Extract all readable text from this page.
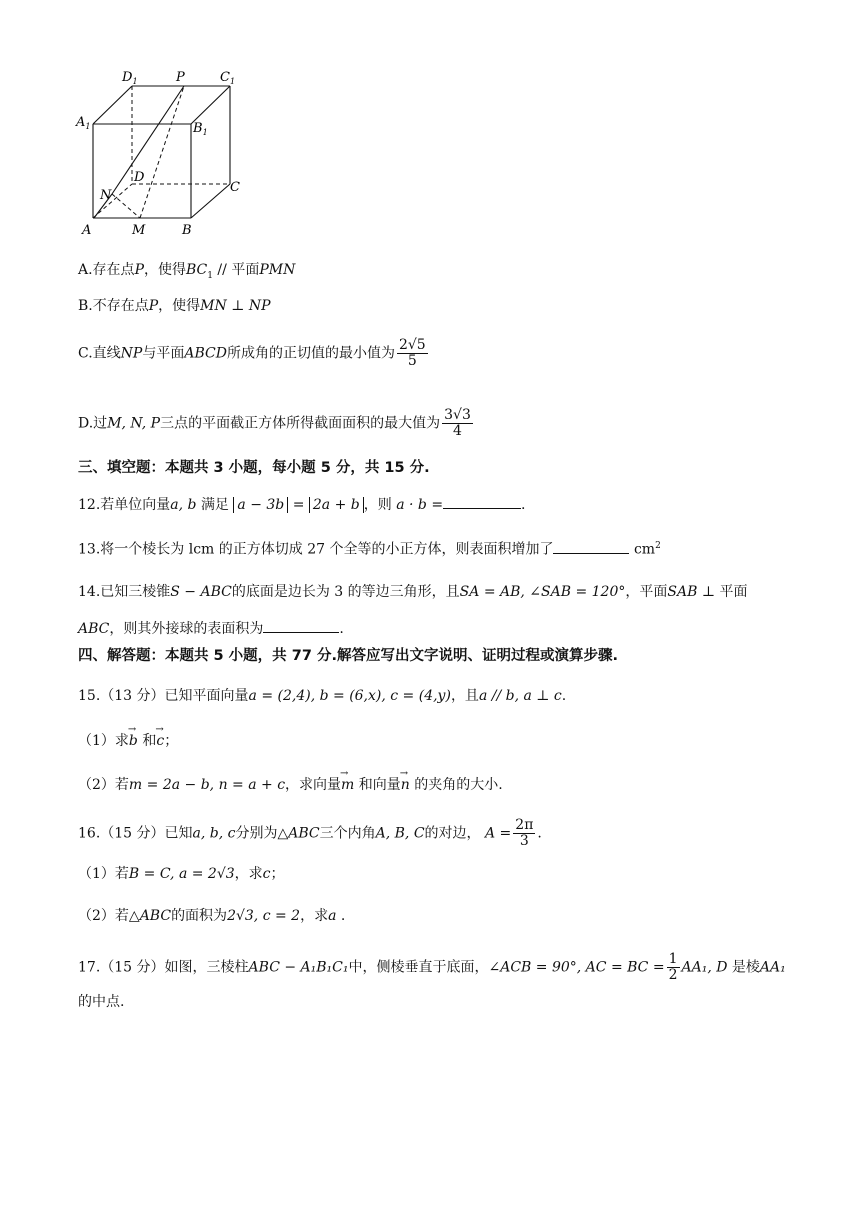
$D_1$	P	$C_1$
$A_1$	$B_1$
D
C
N
A	M	B
A.存在点P，使得$BC_1$ // 平面PMN
B.不存在点P，使得MN ⊥ NP
C.直线NP与平面ABCD所成角的正切值的最小值为 $\frac{2√5}{5}$
D.过M, N, P三点的平面截正方体所得截面面积的最大值为 $\frac{3√3}{4}$
三、填空题：本题共 3 小题，每小题 5 分，共 15 分.
12.若单位向量a, b 满足 a − 3b = 2a + b ，则 a · b =	.
13.将一个棱长为 lcm 的正方体切成 27 个全等的小正方体，则表面积增加了	$cm^2$
14.已知三棱锥S − ABC的底面是边长为 3 的等边三角形，且SA = AB, ∠SAB = 120°，平面SAB ⊥ 平面
ABC，则其外接球的表面积为	.
四、解答题：本题共 5 小题，共 77 分.解答应写出文字说明、证明过程或演算步骤.
15.（13 分）已知平面向量a = (2,4), b = (6,x), c = (4,y)，且a // b, a ⊥ c.
（1）求→ b 和→ c；
（2）若m = 2a − b, n = a + c，求向量→ m 和向量→ n 的夹角的大小.
16.（15 分）已知a, b, c分别为△ABC三个内角A, B, C的对边， $A = \frac{2\pi}{3}$ .
（1）若B = C, a = 2√3，求c；
（2）若△ABC的面积为2√3, c = 2，求a .
17.（15 分）如图，三棱柱ABC − A₁B₁C₁中，侧棱垂直于底面，∠ACB = 90°, AC = BC = $\frac{1}{2} AA_1$, D 是棱AA₁
的中点.
